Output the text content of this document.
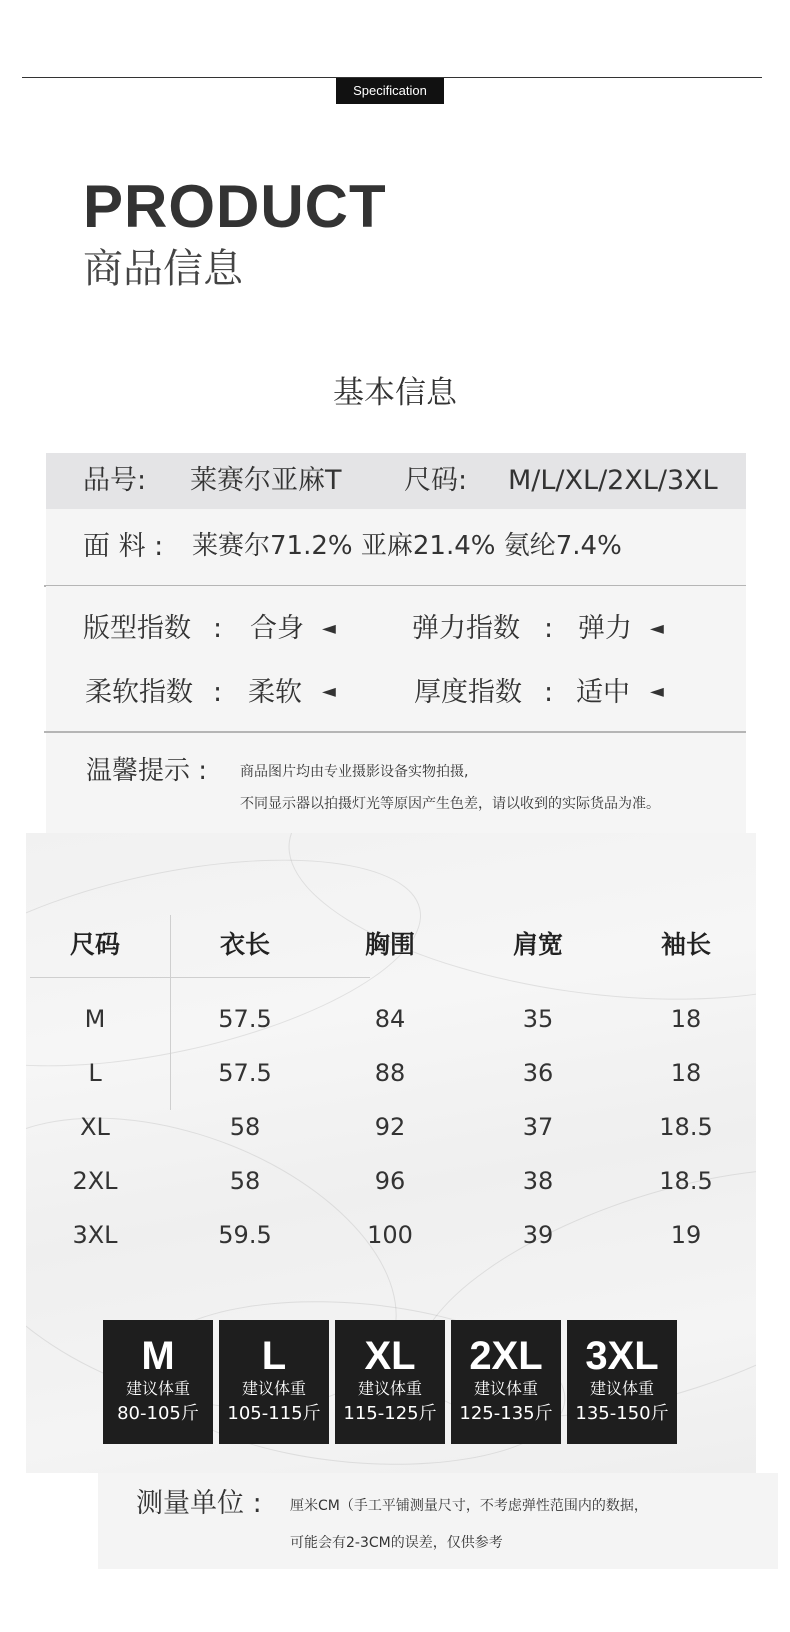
Specification
PRODUCT
商品信息
基本信息
品号: 莱赛尔亚麻T 尺码: M/L/XL/2XL/3XL
面 料 : 莱赛尔71.2% 亚麻21.4% 氨纶7.4%
版型指数 : 合身 ◄	弹力指数 : 弹力 ◄
柔软指数 : 柔软 ◄	厚度指数 : 适中 ◄
温馨提示 : 商品图片均由专业摄影设备实物拍摄,
不同显示器以拍摄灯光等原因产生色差，请以收到的实际货品为准。
尺码	衣长	胸围	肩宽	袖长
M	57.5	84	35	18
L	57.5	88	36	18
XL	58	92	37	18.5
2XL	58	96	38	18.5
3XL	59.5	100	39	19
M
建议体重
80-105斤
L
建议体重
105-115斤
XL
建议体重
115-125斤
2XL
建议体重
125-135斤
3XL
建议体重
135-150斤
测量单位 : 厘米CM（手工平铺测量尺寸，不考虑弹性范围内的数据，
可能会有2-3CM的误差，仅供参考
